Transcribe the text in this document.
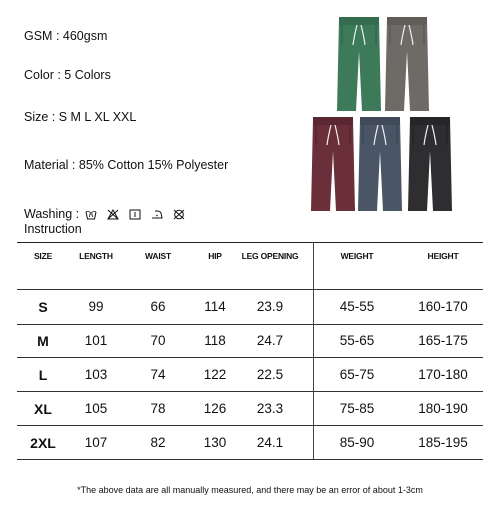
GSM : 460gsm
Color : 5 Colors
Size : S M L XL XXL
Material : 85% Cotton 15% Polyester
Washing :
Instruction
SIZE	LENGTH	WAIST	HIP	LEG OPENING	WEIGHT	HEIGHT
S	99	66	114	23.9	45-55	160-170
M	101	70	118	24.7	55-65	165-175
L	103	74	122	22.5	65-75	170-180
XL	105	78	126	23.3	75-85	180-190
2XL	107	82	130	24.1	85-90	185-195
*The above data are all manually measured, and there may be an error of about 1-3cm
